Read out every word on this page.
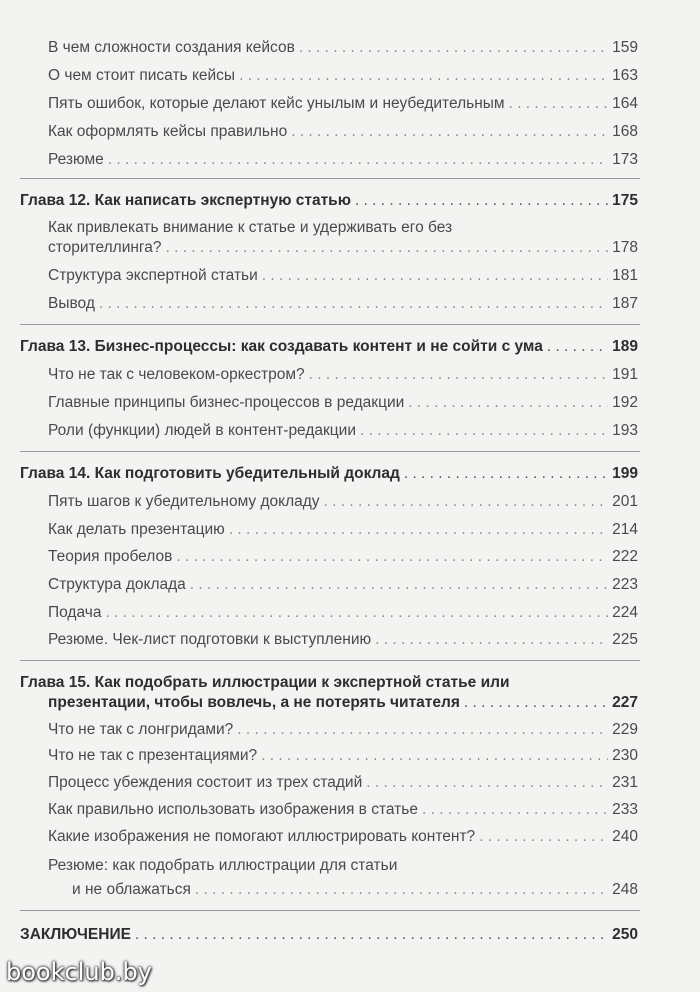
В чем сложности создания кейсов . . .	159
О чем стоит писать кейсы . . .	163
Пять ошибок, которые делают кейс унылым и неубедительным . . .	164
Как оформлять кейсы правильно . . .	168
Резюме . . .	173
Глава 12. Как написать экспертную статью . . .	175
Как привлекать внимание к статье и удерживать его без
сторителлинга? . . .	178
Структура экспертной статьи . . .	181
Вывод . . .	187
Глава 13. Бизнес-процессы: как создавать контент и не сойти с ума . . .	189
Что не так с человеком-оркестром? . . .	191
Главные принципы бизнес-процессов в редакции . . .	192
Роли (функции) людей в контент-редакции . . .	193
Глава 14. Как подготовить убедительный доклад . . .	199
Пять шагов к убедительному докладу . . .	201
Как делать презентацию . . .	214
Теория пробелов . . .	222
Структура доклада . . .	223
Подача . . .	224
Резюме. Чек-лист подготовки к выступлению . . .	225
Глава 15. Как подобрать иллюстрации к экспертной статье или
презентации, чтобы вовлечь, а не потерять читателя . . .	227
Что не так с лонгридами? . . .	229
Что не так с презентациями? . . .	230
Процесс убеждения состоит из трех стадий . . .	231
Как правильно использовать изображения в статье . . .	233
Какие изображения не помогают иллюстрировать контент? . . .	240
Резюме: как подобрать иллюстрации для статьи
и не облажаться . . .	248
ЗАКЛЮЧЕНИЕ . . .	250
bookclub.by
